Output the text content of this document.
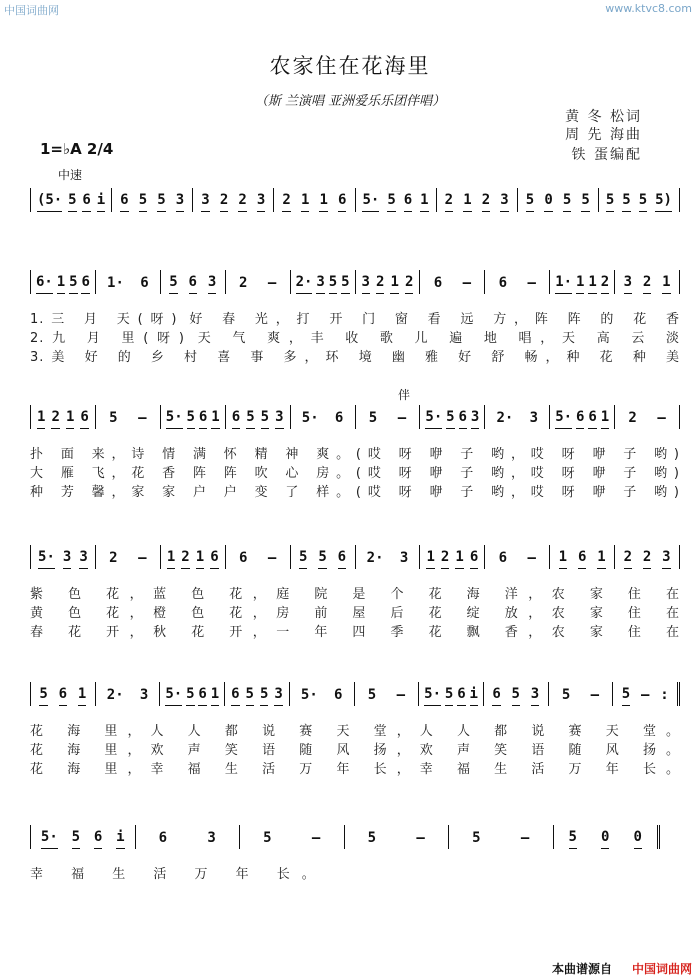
中国词曲网	www.ktvc8.com
农家住在花海里
（斯 兰演唱 亚洲爱乐乐团伴唱）
黄 冬 松词
周 先 海曲
铁 蛋编配
1=♭A 2/4
中速
伴
(5· 5 6 i 6 5 5 3 3 2 2 3 2 1 1 6 5· 5 6 1 2 1 2 3 5 0 5 5 5 5 5 5)
6· 1 5 6 1· 6 5 6 3 2 – 2· 3 5 5 3 2 1 2 6 – 6 – 1· 1 1 2 3 2 1
1.三 月 天(呀) 好 春 光，打 开 门 窗 看 远 方，阵 阵 的 花 香
2.九 月 里(呀) 天 气 爽，丰 收 歌 儿 遍 地 唱，天 高 云 淡
3.美 好 的 乡 村 喜 事 多，环 境 幽 雅 好 舒 畅，种 花 种 美
1 2 1 6 5 – 5· 5 6 1 6 5 5 3 5· 6 5 – 5· 5 6 3 2· 3 5· 6 6 1 2 –
扑 面 来，诗 情 满 怀 精 神 爽。(哎 呀 咿 子 哟，哎 呀 咿 子 哟)
大 雁 飞，花 香 阵 阵 吹 心 房。(哎 呀 咿 子 哟，哎 呀 咿 子 哟)
种 芳 馨，家 家 户 户 变 了 样。(哎 呀 咿 子 哟，哎 呀 咿 子 哟)
5· 3 3 2 – 1 2 1 6 6 – 5 5 6 2· 3 1 2 1 6 6 – 1 6 1 2 2 3
紫 色 花，蓝 色 花，庭 院 是 个 花 海 洋，农 家 住 在
黄 色 花，橙 色 花，房 前 屋 后 花 绽 放，农 家 住 在
春 花 开，秋 花 开，一 年 四 季 花 飘 香，农 家 住 在
5 6 1 2· 3 5· 5 6 1 6 5 5 3 5· 6 5 – 5· 5 6 i 6 5 3 5 – 5 – :
花 海 里，人 人 都 说 赛 天 堂，人 人 都 说 赛 天 堂。
花 海 里，欢 声 笑 语 随 风 扬，欢 声 笑 语 随 风 扬。
花 海 里，幸 福 生 活 万 年 长，幸 福 生 活 万 年 长。
5· 5 6 i 6	3	5	–	5	–	5	–	5 0 0
幸 福 生 活 万 年 长。
本曲谱源自 中国词曲网
